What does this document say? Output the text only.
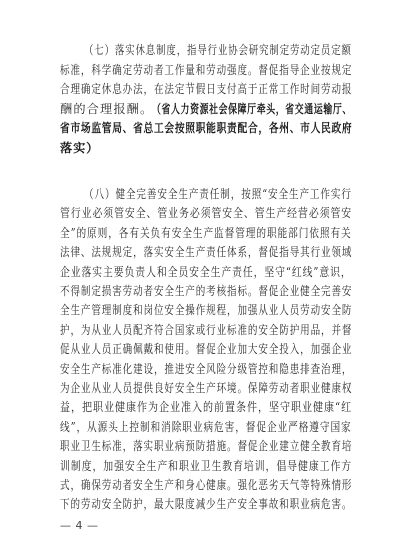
（七）落实休息制度，指导行业协会研究制定劳动定员定额
标准，科学确定劳动者工作量和劳动强度。督促指导企业按规定
合理确定休息办法，在法定节假日支付高于正常工作时间劳动报
酬的合理报酬。
（省人力资源社会保障厅牵头，省交通运输厅、
省市场监管局、省总工会按照职能职责配合，各州、市人民政府
落实）
（八）健全完善安全生产责任制，按照“安全生产工作实行
管行业必须管安全、管业务必须管安全、管生产经营必须管安
全”的原则，各有关负有安全生产监督管理的职能部门依照有关
法律、法规规定，落实安全生产责任体系，督促指导其行业领域
企业落实主要负责人和全员安全生产责任，坚守“红线”意识，
不得制定损害劳动者安全生产的考核指标。督促企业健全完善安
全生产管理制度和岗位安全操作规程，加强从业人员劳动安全防
护，为从业人员配齐符合国家或行业标准的安全防护用品，并督
促从业人员正确佩戴和使用。督促企业加大安全投入，加强企业
安全生产标准化建设，推进安全风险分级管控和隐患排查治理，
为企业从业人员提供良好安全生产环境。保障劳动者职业健康权
益，把职业健康作为企业准入的前置条件，坚守职业健康“红
线”，从源头上控制和消除职业病危害，督促企业严格遵守国家
职业卫生标准，落实职业病预防措施。督促企业建立健全教育培
训制度，加强安全生产和职业卫生教育培训，倡导健康工作方
式，确保劳动者安全生产和身心健康。强化恶劣天气等特殊情形
下的劳动安全防护，最大限度减少生产安全事故和职业病危害。
— 4 —
